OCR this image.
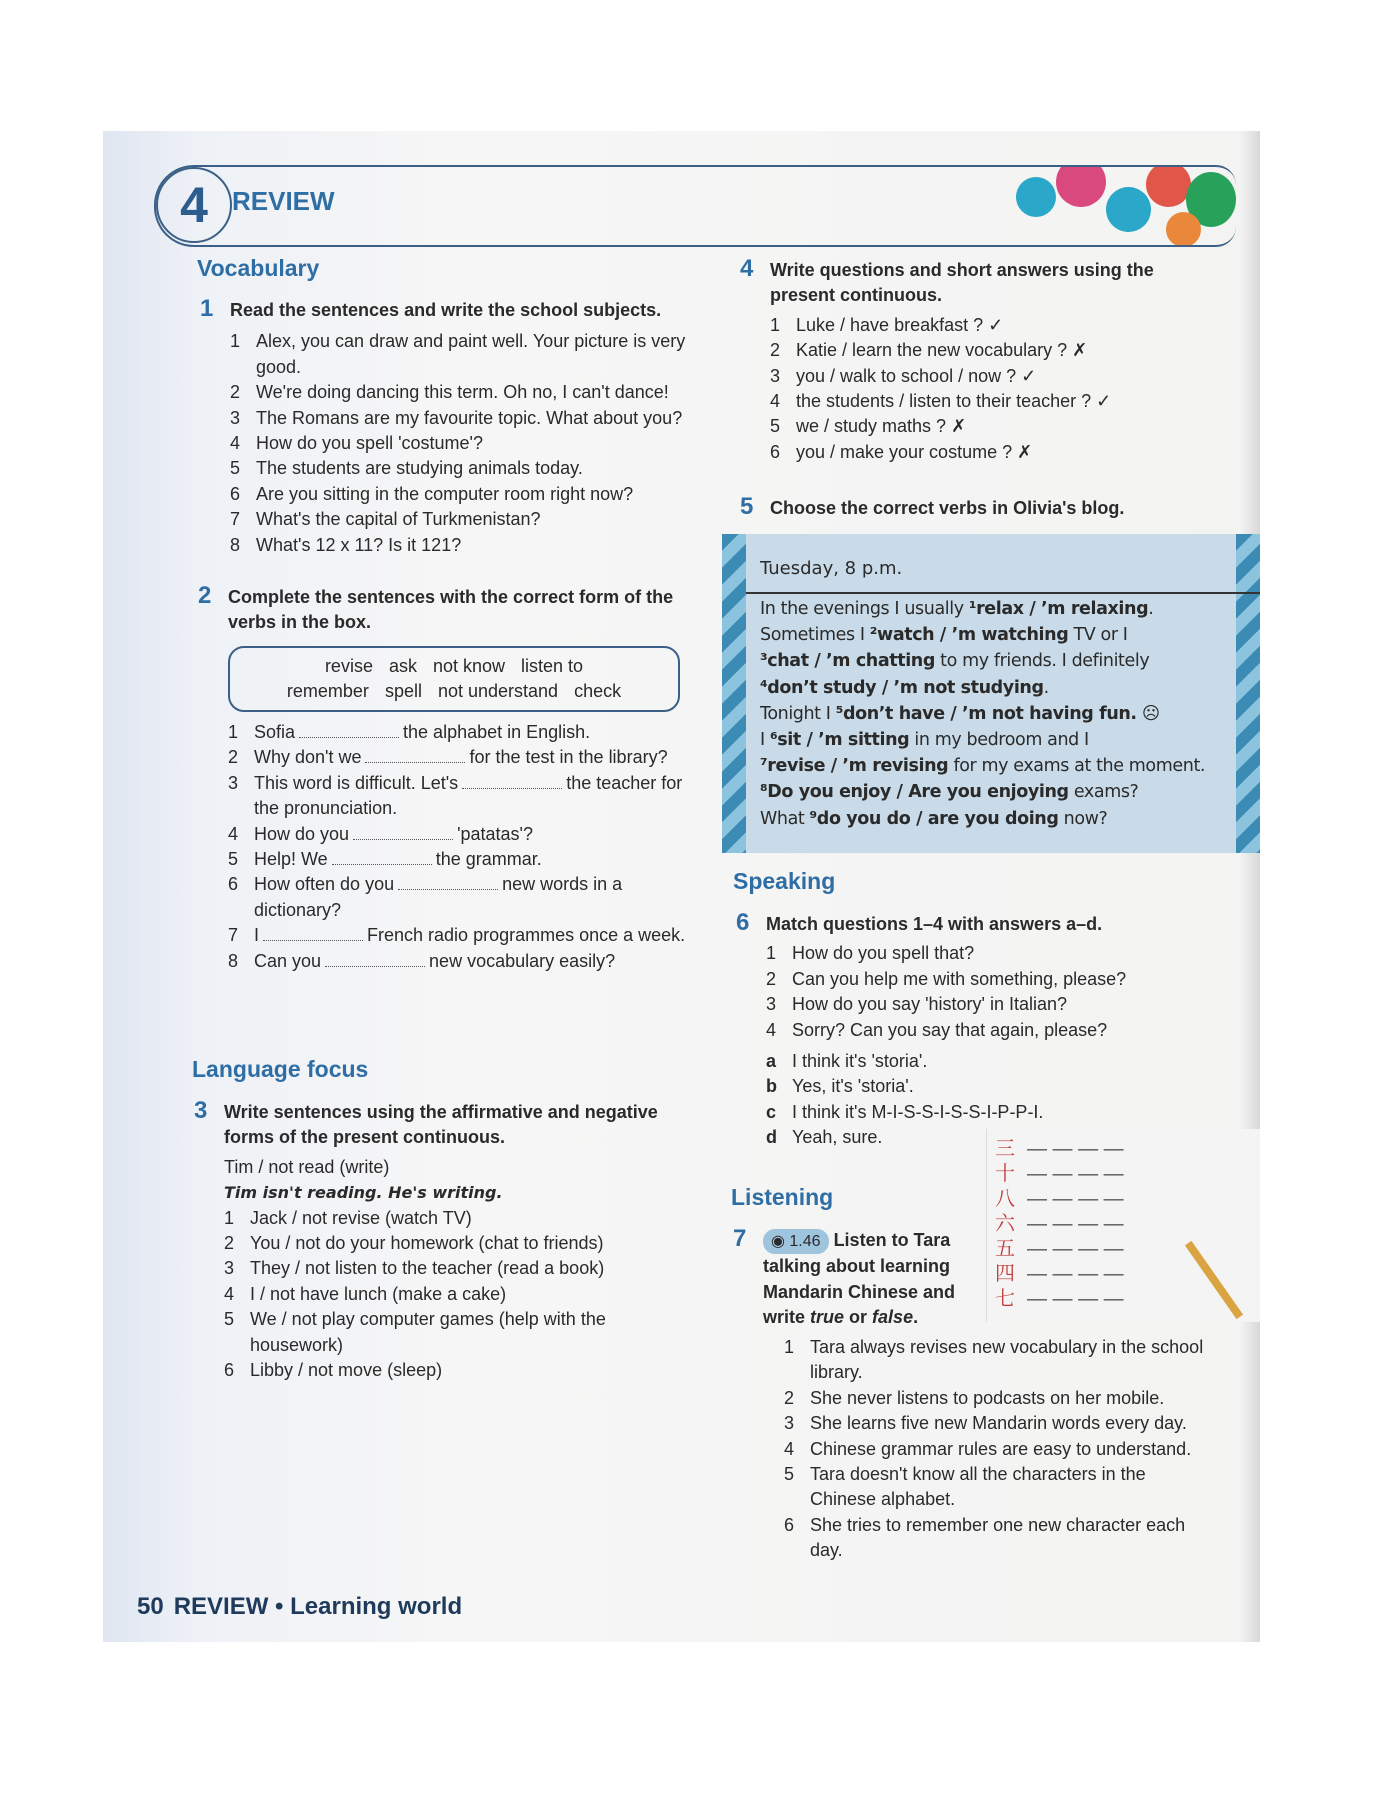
4 REVIEW
Vocabulary
1 Read the sentences and write the school subjects.
1 Alex, you can draw and paint well. Your picture is very good.
2 We're doing dancing this term. Oh no, I can't dance!
3 The Romans are my favourite topic. What about you?
4 How do you spell 'costume'?
5 The students are studying animals today.
6 Are you sitting in the computer room right now?
7 What's the capital of Turkmenistan?
8 What's 12 x 11? Is it 121?
2 Complete the sentences with the correct form of the verbs in the box.
revise ask not know listen to
remember spell not understand check
1 Sofia	the alphabet in English.
2 Why don't we	for the test in the library?
3 This word is difficult. Let's	the teacher for the pronunciation.
4 How do you	'patatas'?
5 Help! We	the grammar.
6 How often do you	new words in a dictionary?
7 I	French radio programmes once a week.
8 Can you	new vocabulary easily?
Language focus
3 Write sentences using the affirmative and negative forms of the present continuous.
Tim / not read (write)
Tim isn't reading. He's writing.
1 Jack / not revise (watch TV)
2 You / not do your homework (chat to friends)
3 They / not listen to the teacher (read a book)
4 I / not have lunch (make a cake)
5 We / not play computer games (help with the housework)
6 Libby / not move (sleep)
4 Write questions and short answers using the present continuous.
1 Luke / have breakfast ? ✓
2 Katie / learn the new vocabulary ? ✗
3 you / walk to school / now ? ✓
4 the students / listen to their teacher ? ✓
5 we / study maths ? ✗
6 you / make your costume ? ✗
5 Choose the correct verbs in Olivia's blog.
Tuesday, 8 p.m.
In the evenings I usually ¹relax / ’m relaxing.
Sometimes I ²watch / ’m watching TV or I
³chat / ’m chatting to my friends. I definitely
⁴don’t study / ’m not studying.
Tonight I ⁵don’t have / ’m not having fun. ☹
I ⁶sit / ’m sitting in my bedroom and I
⁷revise / ’m revising for my exams at the moment.
⁸Do you enjoy / Are you enjoying exams?
What ⁹do you do / are you doing now?
Speaking
6 Match questions 1–4 with answers a–d.
1 How do you spell that?
2 Can you help me with something, please?
3 How do you say 'history' in Italian?
4 Sorry? Can you say that again, please?
a I think it's 'storia'.
b Yes, it's 'storia'.
c I think it's M-I-S-S-I-S-S-I-P-P-I.
d Yeah, sure.
Listening
7	◉ 1.46 Listen to Tara talking about learning Mandarin Chinese and write true or false.
1 Tara always revises new vocabulary in the school library.
2 She never listens to podcasts on her mobile.
3 She learns five new Mandarin words every day.
4 Chinese grammar rules are easy to understand.
5 Tara doesn't know all the characters in the Chinese alphabet.
6 She tries to remember one new character each day.
三 — — — —
十 — — — —
八 — — — —
六 — — — —
五 — — — —
四 — — — —
七 — — — —
50 REVIEW • Learning world
